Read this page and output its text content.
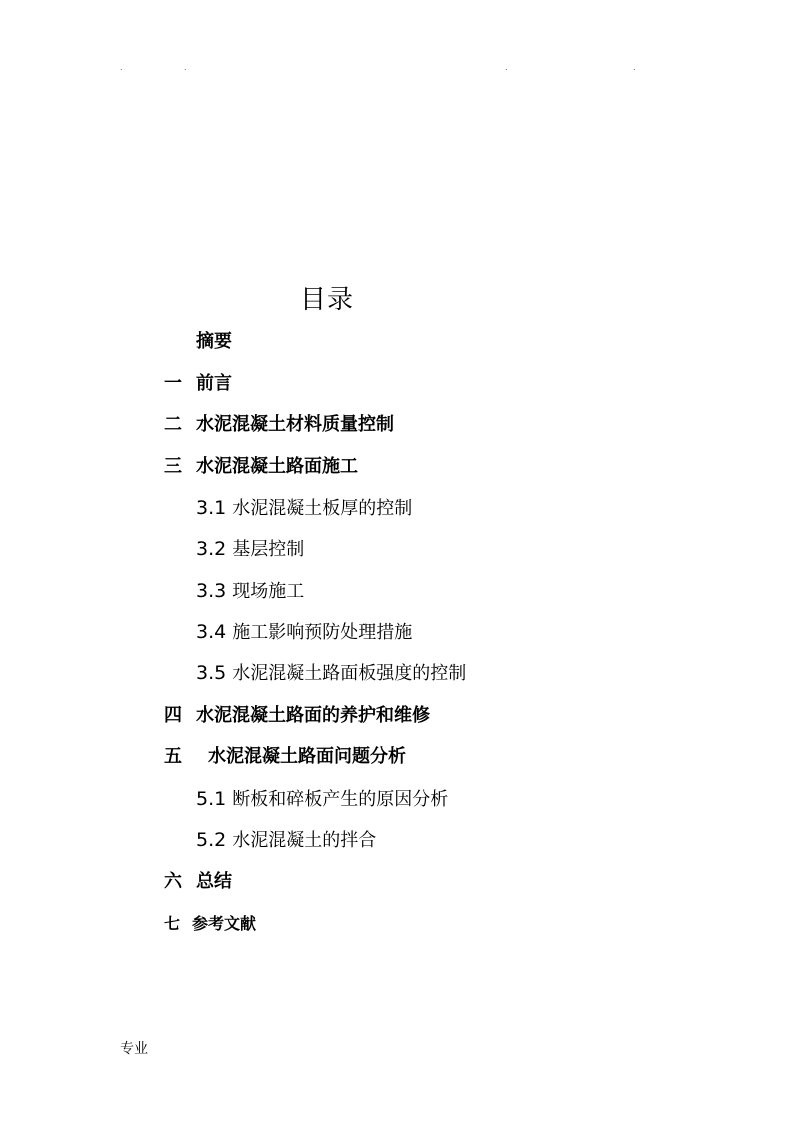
.	.	.	.
目录
摘要
一 前言
二 水泥混凝土材料质量控制
三 水泥混凝土路面施工
3.1 水泥混凝土板厚的控制
3.2 基层控制
3.3 现场施工
3.4 施工影响预防处理措施
3.5 水泥混凝土路面板强度的控制
四 水泥混凝土路面的养护和维修
五 水泥混凝土路面问题分析
5.1 断板和碎板产生的原因分析
5.2 水泥混凝土的拌合
六 总结
七 参考文献
专业
